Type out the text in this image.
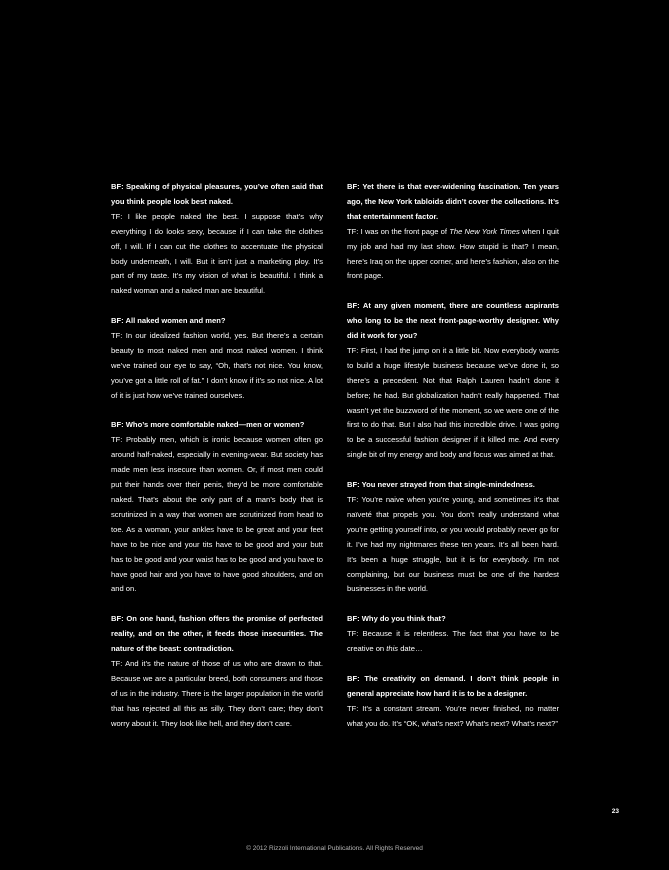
BF: Speaking of physical pleasures, you’ve often said that you think people look best naked.

TF: I like people naked the best. I suppose that’s why everything I do looks sexy, because if I can take the clothes off, I will. If I can cut the clothes to accentuate the physical body underneath, I will. But it isn’t just a marketing ploy. It’s part of my taste. It’s my vision of what is beautiful. I think a naked woman and a naked man are beautiful.

BF: All naked women and men?

TF: In our idealized fashion world, yes. But there’s a certain beauty to most naked men and most naked women. I think we’ve trained our eye to say, “Oh, that’s not nice. You know, you’ve got a little roll of fat.” I don’t know if it’s so not nice. A lot of it is just how we’ve trained ourselves.

BF: Who’s more comfortable naked—men or women?

TF: Probably men, which is ironic because women often go around half-naked, especially in evening-wear. But society has made men less insecure than women. Or, if most men could put their hands over their penis, they’d be more comfortable naked. That’s about the only part of a man’s body that is scrutinized in a way that women are scrutinized from head to toe. As a woman, your ankles have to be great and your feet have to be nice and your tits have to be good and your butt has to be good and your waist has to be good and you have to have good hair and you have to have good shoulders, and on and on.

BF: On one hand, fashion offers the promise of perfected reality, and on the other, it feeds those insecurities. The nature of the beast: contradiction.

TF: And it’s the nature of those of us who are drawn to that. Because we are a particular breed, both consumers and those of us in the industry. There is the larger population in the world that has rejected all this as silly. They don’t care; they don’t worry about it. They look like hell, and they don’t care.

BF: Yet there is that ever-widening fascination. Ten years ago, the New York tabloids didn’t cover the collections. It’s that entertainment factor.

TF: I was on the front page of The New York Times when I quit my job and had my last show. How stupid is that? I mean, here’s Iraq on the upper corner, and here’s fashion, also on the front page.

BF: At any given moment, there are countless aspirants who long to be the next front-page-worthy designer. Why did it work for you?

TF: First, I had the jump on it a little bit. Now everybody wants to build a huge lifestyle business because we’ve done it, so there’s a precedent. Not that Ralph Lauren hadn’t done it before; he had. But globalization hadn’t really happened. That wasn’t yet the buzzword of the moment, so we were one of the first to do that. But I also had this incredible drive. I was going to be a successful fashion designer if it killed me. And every single bit of my energy and body and focus was aimed at that.

BF: You never strayed from that single-mindedness.

TF: You’re naive when you’re young, and sometimes it’s that naïveté that propels you. You don’t really understand what you’re getting yourself into, or you would probably never go for it. I’ve had my nightmares these ten years. It’s all been hard. It’s been a huge struggle, but it is for everybody. I’m not complaining, but our business must be one of the hardest businesses in the world.

BF: Why do you think that?

TF: Because it is relentless. The fact that you have to be creative on this date…

BF: The creativity on demand. I don’t think people in general appreciate how hard it is to be a designer.

TF: It’s a constant stream. You’re never finished, no matter what you do. It’s “OK, what’s next? What’s next? What’s next?”

23
© 2012 Rizzoli International Publications. All Rights Reserved
